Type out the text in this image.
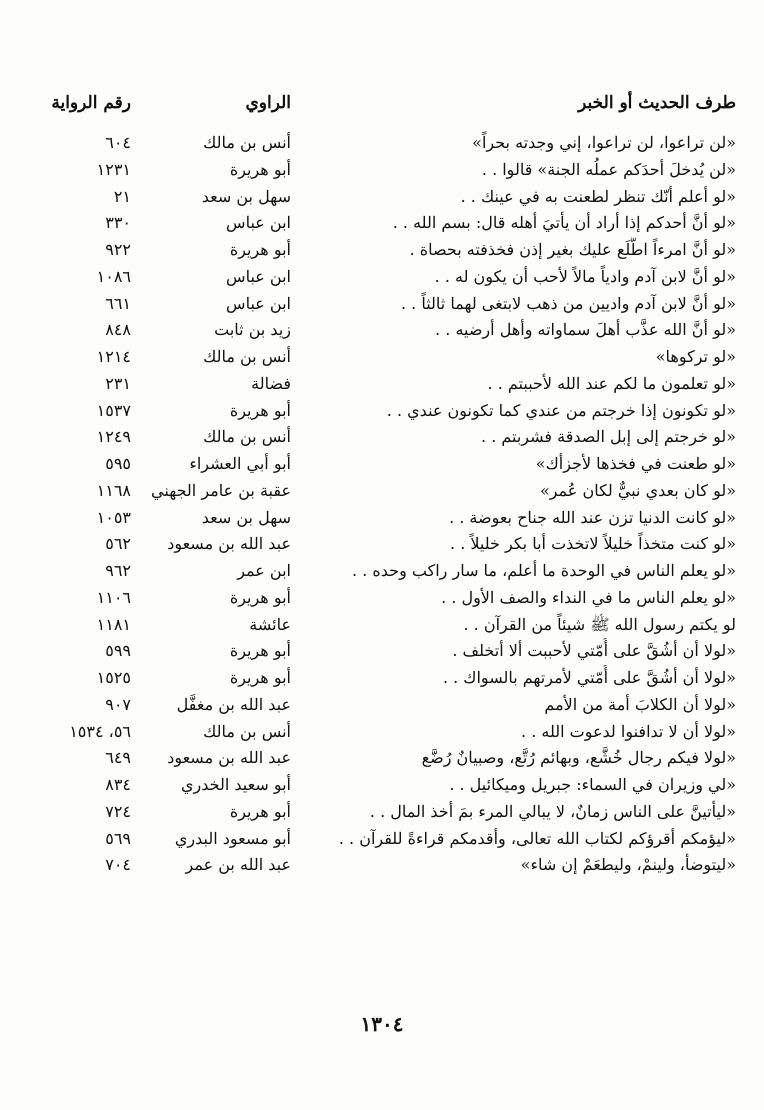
طرف الحديث أو الخبر
الراوي
رقم الرواية
«لن تراعوا، لن تراعوا، إني وجدته بحراً»
أنس بن مالك
٦٠٤
«لن يُدخلَ أحدَكم عملُه الجنة» قالوا . .
أبو هريرة
١٢٣١
«لو أعلم أنّك تنظر لطعنت به في عينك . .
سهل بن سعد
٢١
«لو أنَّ أحدكم إذا أراد أن يأتيَ أهله قال: بسم الله . .
ابن عباس
٣٣٠
«لو أنَّ امرءاً اطَّلَع عليك بغير إذن فخذفته بحصاة .
أبو هريرة
٩٢٢
«لو أنَّ لابن آدم وادياً مالاً لأحب أن يكون له . .
ابن عباس
١٠٨٦
«لو أنَّ لابن آدم واديين من ذهب لابتغى لهما ثالثاً . .
ابن عباس
٦٦١
«لو أنَّ الله عذَّب أهلَ سماواته وأهل أرضيه . .
زيد بن ثابت
٨٤٨
«لو تركوها»
أنس بن مالك
١٢١٤
«لو تعلمون ما لكم عند الله لأحببتم . .
فضالة
٢٣١
«لو تكونون إذا خرجتم من عندي كما تكونون عندي . .
أبو هريرة
١٥٣٧
«لو خرجتم إلى إبل الصدقة فشربتم . .
أنس بن مالك
١٢٤٩
«لو طعنت في فخذها لأجزأك»
أبو أبي العشراء
٥٩٥
«لو كان بعدي نبيٌّ لكان عُمر»
عقبة بن عامر الجهني
١١٦٨
«لو كانت الدنيا تزن عند الله جناح بعوضة . .
سهل بن سعد
١٠٥٣
«لو كنت متخذاً خليلاً لاتخذت أبا بكر خليلاً . .
عبد الله بن مسعود
٥٦٢
«لو يعلم الناس في الوحدة ما أعلم، ما سار راكب وحده . .
ابن عمر
٩٦٢
«لو يعلم الناس ما في النداء والصف الأول . .
أبو هريرة
١١٠٦
لو يكتم رسول الله ﷺ شيئاً من القرآن . .
عائشة
١١٨١
«لولا أن أشُقَّ على أُمّتي لأحببت ألا أتخلف .
أبو هريرة
٥٩٩
«لولا أن أشُقَّ على أُمّتي لأمرتهم بالسواك . .
أبو هريرة
١٥٢٥
«لولا أن الكلابَ أمة من الأمم
عبد الله بن مغفَّل
٩٠٧
«لولا أن لا تدافنوا لدعوت الله . .
أنس بن مالك
٥٦، ١٥٣٤
«لولا فيكم رجال خُشَّع، وبهائم رُتَّع، وصبيانٌ رُضَّع
عبد الله بن مسعود
٦٤٩
«لي وزيران في السماء: جبريل وميكائيل . .
أبو سعيد الخدري
٨٣٤
«ليأتينَّ على الناس زمانٌ، لا يبالي المرء بمَ أخذ المال . .
أبو هريرة
٧٢٤
«ليؤمكم أقرؤكم لكتاب الله تعالى، وأقدمكم قراءةً للقرآن . .
أبو مسعود البدري
٥٦٩
«ليتوضأ، ولينمْ، وليطعَمْ إن شاء»
عبد الله بن عمر
٧٠٤
١٣٠٤
